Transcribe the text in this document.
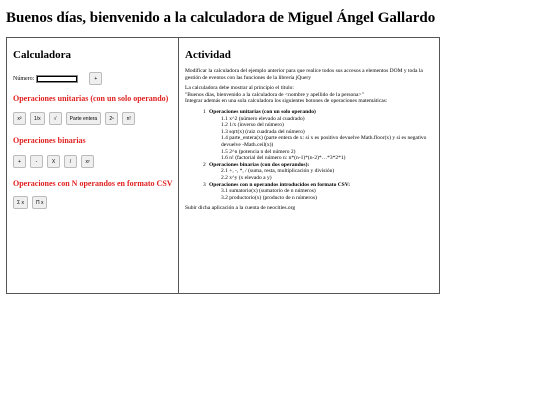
Buenos días, bienvenido a la calculadora de Miguel Ángel Gallardo
Calculadora
Número:	+

Operaciones unitarias (con un solo operando)

x²	1/x	√	Parte entera	2ⁿ	n!

Operaciones binarias

+	-	X	/	xʸ

Operaciones con N operandos en formato CSV

Σ x	Π x
Actividad

Modificar la calculadora del ejemplo anterior para que realice todos sus accesos a elementos DOM y toda la gestión de eventos con las funciones de la librería jQuery

La calculadora debe mostrar al principio el título:
"Buenos días, bienvenido a la calculadora de <nombre y apellido de la persona>"
Integrar además en una sola calculadora los siguientes botones de operaciones matemáticas:

1 Operaciones unitarias (con un solo operando)
1.1 x^2 (número elevado al cuadrado)
1.2 1/x (inverso del número)
1.3 sqrt(x) (raiz cuadrada del número)
1.4 parte_entera(x) (parte entera de x: si x es positivo devuelve Math.floor(x) y si es negativo devuelve -Math.ceil(x))
1.5 2^n (potencia n del número 2)
1.6 n! (factorial del número n: n*(n-1)*(n-2)*…*3*2*1)
2 Operaciones binarias (con dos operandos):
2.1 +, -, *, / (suma, resta, multiplicación y división)
2.2 x^y (x elevado a y)
3 Operaciones con n operandos introducidos en formato CSV:
3.1 sumatorio(x) (sumatorio de n números)
3.2 productorio(x) (producto de n números)

Subir dicha aplicación a la cuenta de neocities.org
